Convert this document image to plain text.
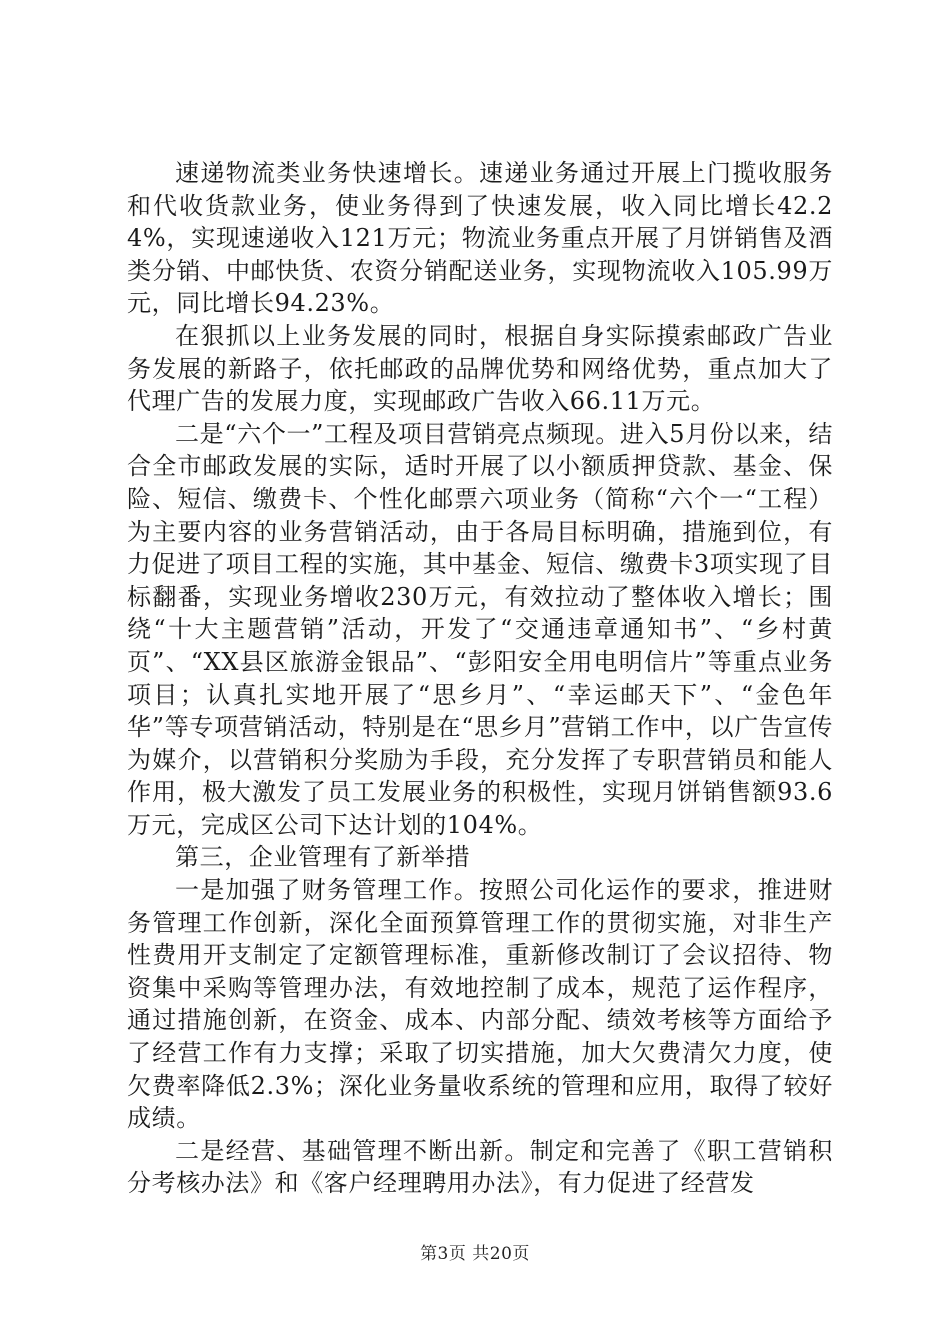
速递物流类业务快速增长。速递业务通过开展上门揽收服务和代收货款业务，使业务得到了快速发展，收入同比增长42.24%，实现速递收入121万元；物流业务重点开展了月饼销售及酒类分销、中邮快货、农资分销配送业务，实现物流收入105.99万元，同比增长94.23%。

在狠抓以上业务发展的同时，根据自身实际摸索邮政广告业务发展的新路子，依托邮政的品牌优势和网络优势，重点加大了代理广告的发展力度，实现邮政广告收入66.11万元。

二是“六个一”工程及项目营销亮点频现。进入5月份以来，结合全市邮政发展的实际，适时开展了以小额质押贷款、基金、保险、短信、缴费卡、个性化邮票六项业务（简称“六个一“工程）为主要内容的业务营销活动，由于各局目标明确，措施到位，有力促进了项目工程的实施，其中基金、短信、缴费卡3项实现了目标翻番，实现业务增收230万元，有效拉动了整体收入增长；围绕“十大主题营销”活动，开发了“交通违章通知书”、“乡村黄页”、“XX县区旅游金银品”、“彭阳安全用电明信片”等重点业务项目；认真扎实地开展了“思乡月”、“幸运邮天下”、“金色年华”等专项营销活动，特别是在“思乡月”营销工作中，以广告宣传为媒介，以营销积分奖励为手段，充分发挥了专职营销员和能人作用，极大激发了员工发展业务的积极性，实现月饼销售额93.6万元，完成区公司下达计划的104%。

第三，企业管理有了新举措

一是加强了财务管理工作。按照公司化运作的要求，推进财务管理工作创新，深化全面预算管理工作的贯彻实施，对非生产性费用开支制定了定额管理标准，重新修改制订了会议招待、物资集中采购等管理办法，有效地控制了成本，规范了运作程序，通过措施创新，在资金、成本、内部分配、绩效考核等方面给予了经营工作有力支撑；采取了切实措施，加大欠费清欠力度，使欠费率降低2.3%；深化业务量收系统的管理和应用，取得了较好成绩。

二是经营、基础管理不断出新。制定和完善了《职工营销积分考核办法》和《客户经理聘用办法》，有力促进了经营发

第3页 共20页
